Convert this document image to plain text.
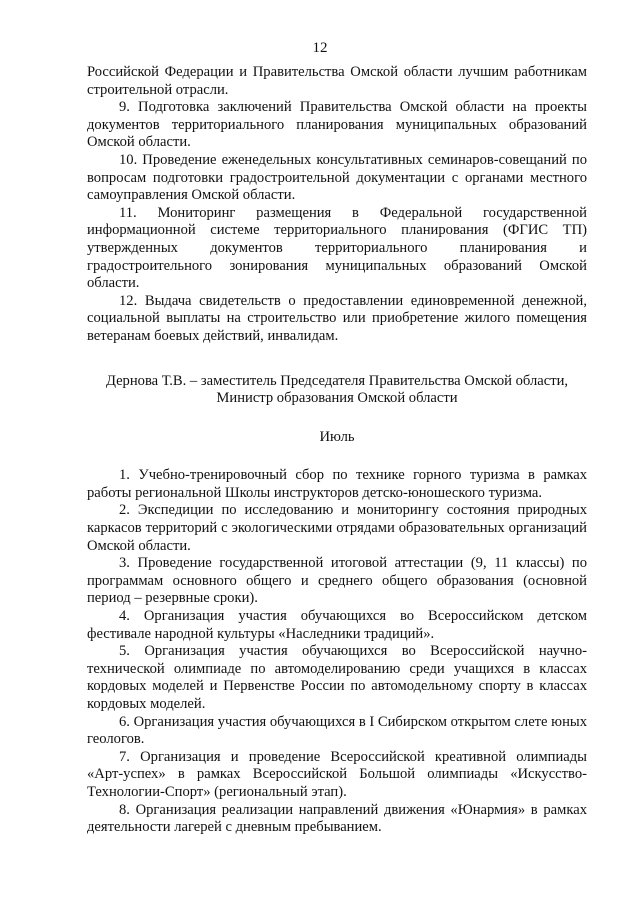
12

Российской Федерации и Правительства Омской области лучшим работникам строительной отрасли.

9. Подготовка заключений Правительства Омской области на проекты документов территориального планирования муниципальных образований Омской области.

10. Проведение еженедельных консультативных семинаров-совещаний по вопросам подготовки градостроительной документации с органами местного самоуправления Омской области.

11. Мониторинг размещения в Федеральной государственной информационной системе территориального планирования (ФГИС ТП) утвержденных документов территориального планирования и градостроительного зонирования муниципальных образований Омской области.

12. Выдача свидетельств о предоставлении единовременной денежной, социальной выплаты на строительство или приобретение жилого помещения ветеранам боевых действий, инвалидам.

Дернова Т.В. – заместитель Председателя Правительства Омской области,

Министр образования Омской области

Июль

1. Учебно-тренировочный сбор по технике горного туризма в рамках работы региональной Школы инструкторов детско-юношеского туризма.

2. Экспедиции по исследованию и мониторингу состояния природных каркасов территорий с экологическими отрядами образовательных организаций Омской области.

3. Проведение государственной итоговой аттестации (9, 11 классы) по программам основного общего и среднего общего образования (основной период – резервные сроки).

4. Организация участия обучающихся во Всероссийском детском фестивале народной культуры «Наследники традиций».

5. Организация участия обучающихся во Всероссийской научно-технической олимпиаде по автомоделированию среди учащихся в классах кордовых моделей и Первенстве России по автомодельному спорту в классах кордовых моделей.

6. Организация участия обучающихся в I Сибирском открытом слете юных геологов.

7. Организация и проведение Всероссийской креативной олимпиады «Арт-успех» в рамках Всероссийской Большой олимпиады «Искусство-Технологии-Спорт» (региональный этап).

8. Организация реализации направлений движения «Юнармия» в рамках деятельности лагерей с дневным пребыванием.
